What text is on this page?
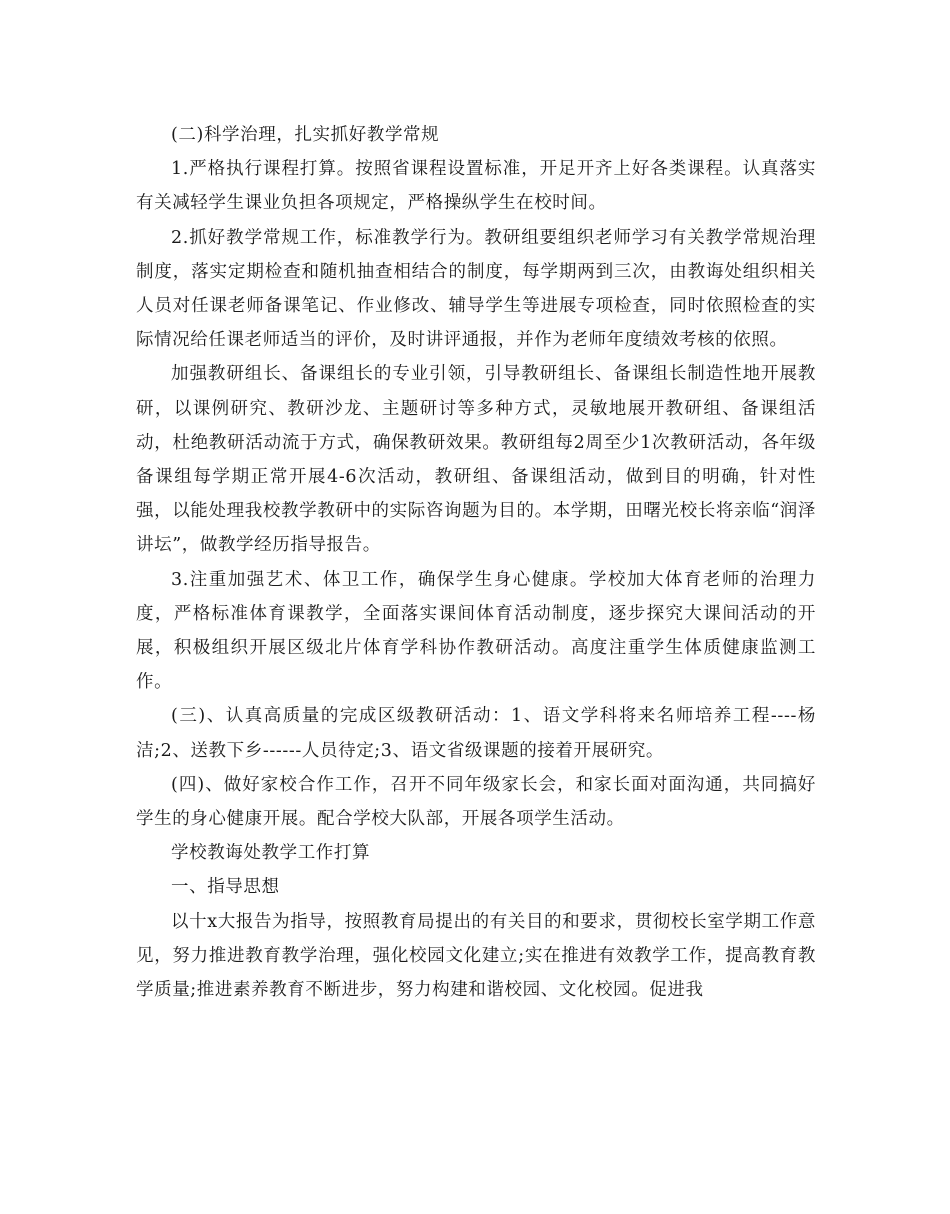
(二)科学治理，扎实抓好教学常规

1.严格执行课程打算。按照省课程设置标准，开足开齐上好各类课程。认真落实有关减轻学生课业负担各项规定，严格操纵学生在校时间。

2.抓好教学常规工作，标准教学行为。教研组要组织老师学习有关教学常规治理制度，落实定期检查和随机抽查相结合的制度，每学期两到三次，由教诲处组织相关人员对任课老师备课笔记、作业修改、辅导学生等进展专项检查，同时依照检查的实际情况给任课老师适当的评价，及时讲评通报，并作为老师年度绩效考核的依照。

加强教研组长、备课组长的专业引领，引导教研组长、备课组长制造性地开展教研，以课例研究、教研沙龙、主题研讨等多种方式，灵敏地展开教研组、备课组活动，杜绝教研活动流于方式，确保教研效果。教研组每2周至少1次教研活动，各年级备课组每学期正常开展4-6次活动，教研组、备课组活动，做到目的明确，针对性强，以能处理我校教学教研中的实际咨询题为目的。本学期，田曙光校长将亲临“润泽讲坛”，做教学经历指导报告。

3.注重加强艺术、体卫工作，确保学生身心健康。学校加大体育老师的治理力度，严格标准体育课教学，全面落实课间体育活动制度，逐步探究大课间活动的开展，积极组织开展区级北片体育学科协作教研活动。高度注重学生体质健康监测工作。

(三)、认真高质量的完成区级教研活动：1、语文学科将来名师培养工程----杨洁;2、送教下乡------人员待定;3、语文省级课题的接着开展研究。

(四)、做好家校合作工作，召开不同年级家长会，和家长面对面沟通，共同搞好学生的身心健康开展。配合学校大队部，开展各项学生活动。

学校教诲处教学工作打算

一、指导思想

以十x大报告为指导，按照教育局提出的有关目的和要求，贯彻校长室学期工作意见，努力推进教育教学治理，强化校园文化建立;实在推进有效教学工作，提高教育教学质量;推进素养教育不断进步，努力构建和谐校园、文化校园。促进我
